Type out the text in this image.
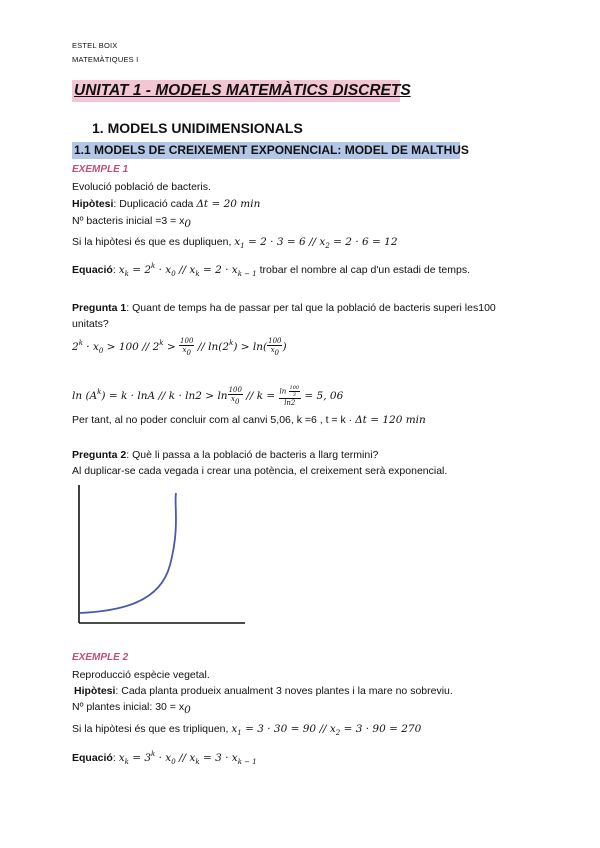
ESTEL BOIX
MATEMÀTIQUES I
UNITAT 1 - MODELS MATEMÀTICS DISCRETS
1. MODELS UNIDIMENSIONALS
1.1 MODELS DE CREIXEMENT EXPONENCIAL: MODEL DE MALTHUS
EXEMPLE 1
Evolució població de bacteris.
Hipòtesi: Duplicació cada Δt = 20 min
Nº bacteris inicial $=3 = x_0$
Si la hipòtesi és que es dupliquen, $x_1 = 2 \cdot 3 = 6 // x_2 = 2 \cdot 6 = 12$
Equació: $x_k = 2^k \cdot x_0 // x_k = 2 \cdot x_{k - 1}$ trobar el nombre al cap d'un estadi de temps.
Pregunta 1: Quant de temps ha de passar per tal que la població de bacteris superi les100
unitats?
$2^k \cdot x_0 > 100 // 2^k > \frac{100}{x_0} // \ln(2^k) > \ln( \frac{100}{x_0}$ )
$\ln (A^k) = k \cdot \ln A // k \cdot \ln 2 > \ln \frac{100}{x_0} // k = \frac{\ln \frac{100}{3}}{\ln 2} = 5$, 06
Per tant, al no poder concluir com al canvi 5,06, k =6 , t = k · Δt = 120 min
Pregunta 2: Què li passa a la població de bacteris a llarg termini?
Al duplicar-se cada vegada i crear una potència, el creixement serà exponencial.
EXEMPLE 2
Reproducció espècie vegetal.
Hipòtesi: Cada planta produeix anualment 3 noves plantes i la mare no sobreviu.
Nº plantes inicial: $30 = x_0$
Si la hipòtesi és que es tripliquen, $x_1 = 3 \cdot 30 = 90 // x_2 = 3 \cdot 90 = 270$
Equació: $x_k = 3^k \cdot x_0 // x_k = 3 \cdot x_{k - 1}$
